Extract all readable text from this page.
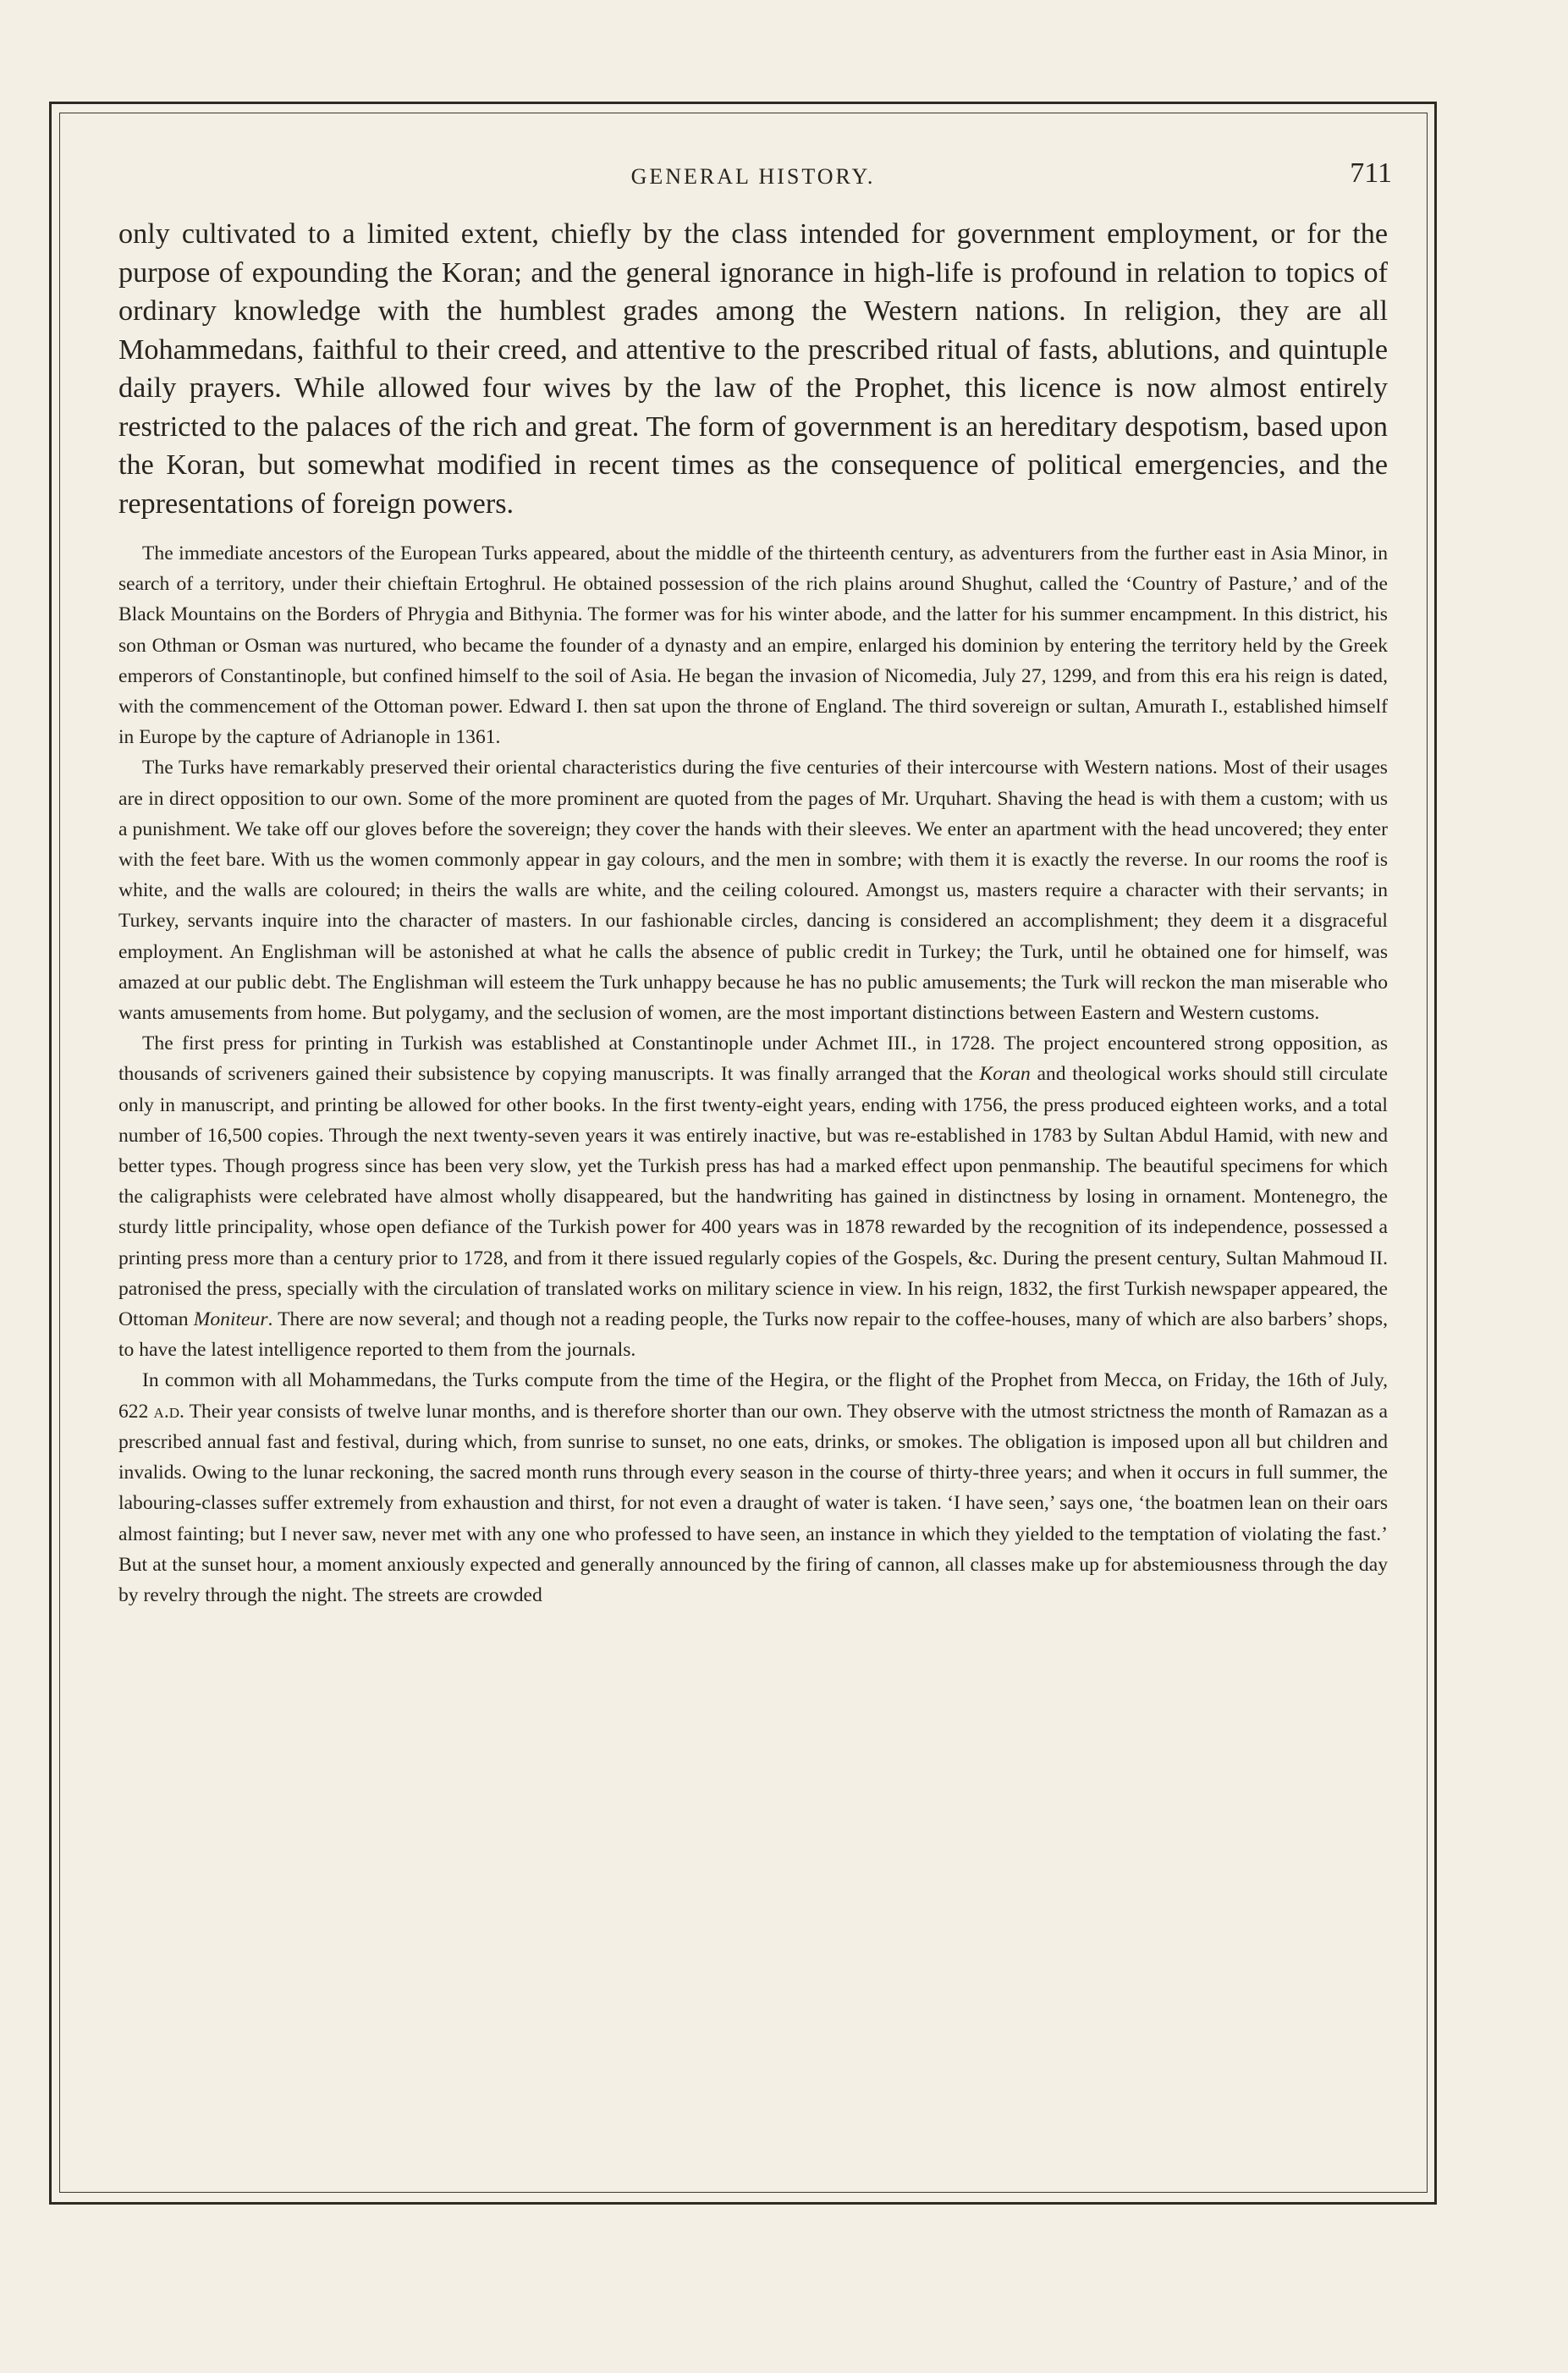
GENERAL HISTORY.	711

only cultivated to a limited extent, chiefly by the class intended for government employment, or for the purpose of expounding the Koran; and the general ignorance in high-life is profound in relation to topics of ordinary knowledge with the humblest grades among the Western nations. In religion, they are all Mohammedans, faithful to their creed, and attentive to the prescribed ritual of fasts, ablutions, and quintuple daily prayers. While allowed four wives by the law of the Prophet, this licence is now almost entirely restricted to the palaces of the rich and great. The form of government is an hereditary despotism, based upon the Koran, but somewhat modified in recent times as the consequence of political emergencies, and the representations of foreign powers.

The immediate ancestors of the European Turks appeared, about the middle of the thirteenth century, as adventurers from the further east in Asia Minor, in search of a territory, under their chieftain Ertoghrul. He obtained possession of the rich plains around Shughut, called the ‘Country of Pasture,’ and of the Black Mountains on the Borders of Phrygia and Bithynia. The former was for his winter abode, and the latter for his summer encampment. In this district, his son Othman or Osman was nurtured, who became the founder of a dynasty and an empire, enlarged his dominion by entering the territory held by the Greek emperors of Constantinople, but confined himself to the soil of Asia. He began the invasion of Nicomedia, July 27, 1299, and from this era his reign is dated, with the commencement of the Ottoman power. Edward I. then sat upon the throne of England. The third sovereign or sultan, Amurath I., established himself in Europe by the capture of Adrianople in 1361.

The Turks have remarkably preserved their oriental characteristics during the five centuries of their intercourse with Western nations. Most of their usages are in direct opposition to our own. Some of the more prominent are quoted from the pages of Mr. Urquhart. Shaving the head is with them a custom; with us a punishment. We take off our gloves before the sovereign; they cover the hands with their sleeves. We enter an apartment with the head uncovered; they enter with the feet bare. With us the women commonly appear in gay colours, and the men in sombre; with them it is exactly the reverse. In our rooms the roof is white, and the walls are coloured; in theirs the walls are white, and the ceiling coloured. Amongst us, masters require a character with their servants; in Turkey, servants inquire into the character of masters. In our fashionable circles, dancing is considered an accomplishment; they deem it a disgraceful employment. An Englishman will be astonished at what he calls the absence of public credit in Turkey; the Turk, until he obtained one for himself, was amazed at our public debt. The Englishman will esteem the Turk unhappy because he has no public amusements; the Turk will reckon the man miserable who wants amusements from home. But polygamy, and the seclusion of women, are the most important distinctions between Eastern and Western customs.

The first press for printing in Turkish was established at Constantinople under Achmet III., in 1728. The project encountered strong opposition, as thousands of scriveners gained their subsistence by copying manuscripts. It was finally arranged that the Koran and theological works should still circulate only in manuscript, and printing be allowed for other books. In the first twenty-eight years, ending with 1756, the press produced eighteen works, and a total number of 16,500 copies. Through the next twenty-seven years it was entirely inactive, but was re-established in 1783 by Sultan Abdul Hamid, with new and better types. Though progress since has been very slow, yet the Turkish press has had a marked effect upon penmanship. The beautiful specimens for which the caligraphists were celebrated have almost wholly disappeared, but the handwriting has gained in distinctness by losing in ornament. Montenegro, the sturdy little principality, whose open defiance of the Turkish power for 400 years was in 1878 rewarded by the recognition of its independence, possessed a printing press more than a century prior to 1728, and from it there issued regularly copies of the Gospels, &c. During the present century, Sultan Mahmoud II. patronised the press, specially with the circulation of translated works on military science in view. In his reign, 1832, the first Turkish newspaper appeared, the Ottoman Moniteur. There are now several; and though not a reading people, the Turks now repair to the coffee-houses, many of which are also barbers’ shops, to have the latest intelligence reported to them from the journals.

In common with all Mohammedans, the Turks compute from the time of the Hegira, or the flight of the Prophet from Mecca, on Friday, the 16th of July, 622 a.d. Their year consists of twelve lunar months, and is therefore shorter than our own. They observe with the utmost strictness the month of Ramazan as a prescribed annual fast and festival, during which, from sunrise to sunset, no one eats, drinks, or smokes. The obligation is imposed upon all but children and invalids. Owing to the lunar reckoning, the sacred month runs through every season in the course of thirty-three years; and when it occurs in full summer, the labouring-classes suffer extremely from exhaustion and thirst, for not even a draught of water is taken. ‘I have seen,’ says one, ‘the boatmen lean on their oars almost fainting; but I never saw, never met with any one who professed to have seen, an instance in which they yielded to the temptation of violating the fast.’ But at the sunset hour, a moment anxiously expected and generally announced by the firing of cannon, all classes make up for abstemiousness through the day by revelry through the night. The streets are crowded
